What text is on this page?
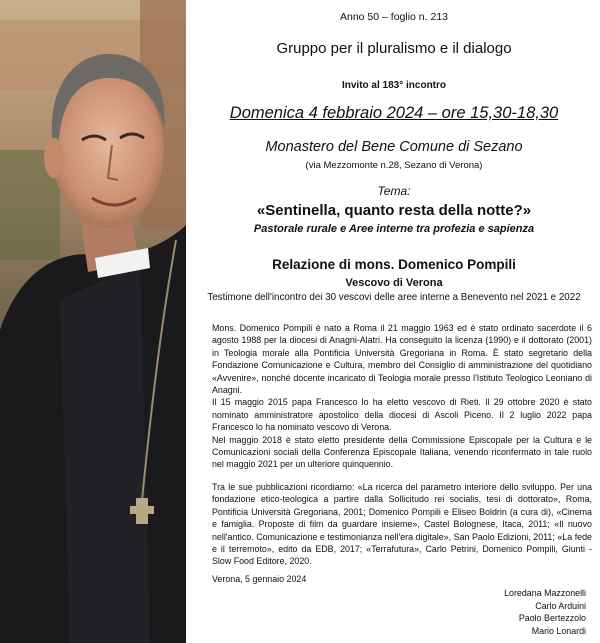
Anno 50 – foglio n. 213
Gruppo per il pluralismo e il dialogo
Invito al 183° incontro
Domenica 4 febbraio 2024 – ore 15,30-18,30
Monastero del Bene Comune di Sezano
(via Mezzomonte n.28, Sezano di Verona)
Tema:
«Sentinella, quanto resta della notte?»
Pastorale rurale e Aree interne tra profezia e sapienza
Relazione di mons. Domenico Pompili
Vescovo di Verona
Testimone dell'incontro dei 30 vescovi delle aree interne a Benevento nel 2021 e 2022

Mons. Domenico Pompili è nato a Roma il 21 maggio 1963 ed è stato ordinato sacerdote il 6 agosto 1988 per la diocesi di Anagni-Alatri. Ha conseguito la licenza (1990) e il dottorato (2001) in Teologia morale alla Pontificia Università Gregoriana in Roma. È stato segretario della Fondazione Comunicazione e Cultura, membro del Consiglio di amministrazione del quotidiano «Avvenire», nonché docente incaricato di Teologia morale presso l'Istituto Teologico Leoniano di Anagni.

Il 15 maggio 2015 papa Francesco lo ha eletto vescovo di Rieti. Il 29 ottobre 2020 è stato nominato amministratore apostolico della diocesi di Ascoli Piceno. Il 2 luglio 2022 papa Francesco lo ha nominato vescovo di Verona.

Nel maggio 2018 è stato eletto presidente della Commissione Episcopale per la Cultura e le Comunicazioni sociali della Conferenza Episcopale Italiana, venendo riconfermato in tale ruolo nel maggio 2021 per un ulteriore quinquennio.

Tra le sue pubblicazioni ricordiamo: «La ricerca del parametro interiore dello sviluppo. Per una fondazione etico-teologica a partire dalla Sollicitudo rei socialis, tesi di dottorato», Roma, Pontificia Università Gregoriana, 2001; Domenico Pompili e Eliseo Boldrin (a cura di), «Cinema e famiglia. Proposte di film da guardare insieme», Castel Bolognese, Itaca, 2011; «Il nuovo nell'antico. Comunicazione e testimonianza nell'era digitale», San Paolo Edizioni, 2011; «La fede e il terremoto», edito da EDB, 2017; «Terrafutura», Carlo Petrini, Domenico Pompili, Giunti - Slow Food Editore, 2020.
Verona, 5 gennaio 2024
Loredana Mazzonelli
Carlo Arduini
Paolo Bertezzolo
Mario Lonardi
